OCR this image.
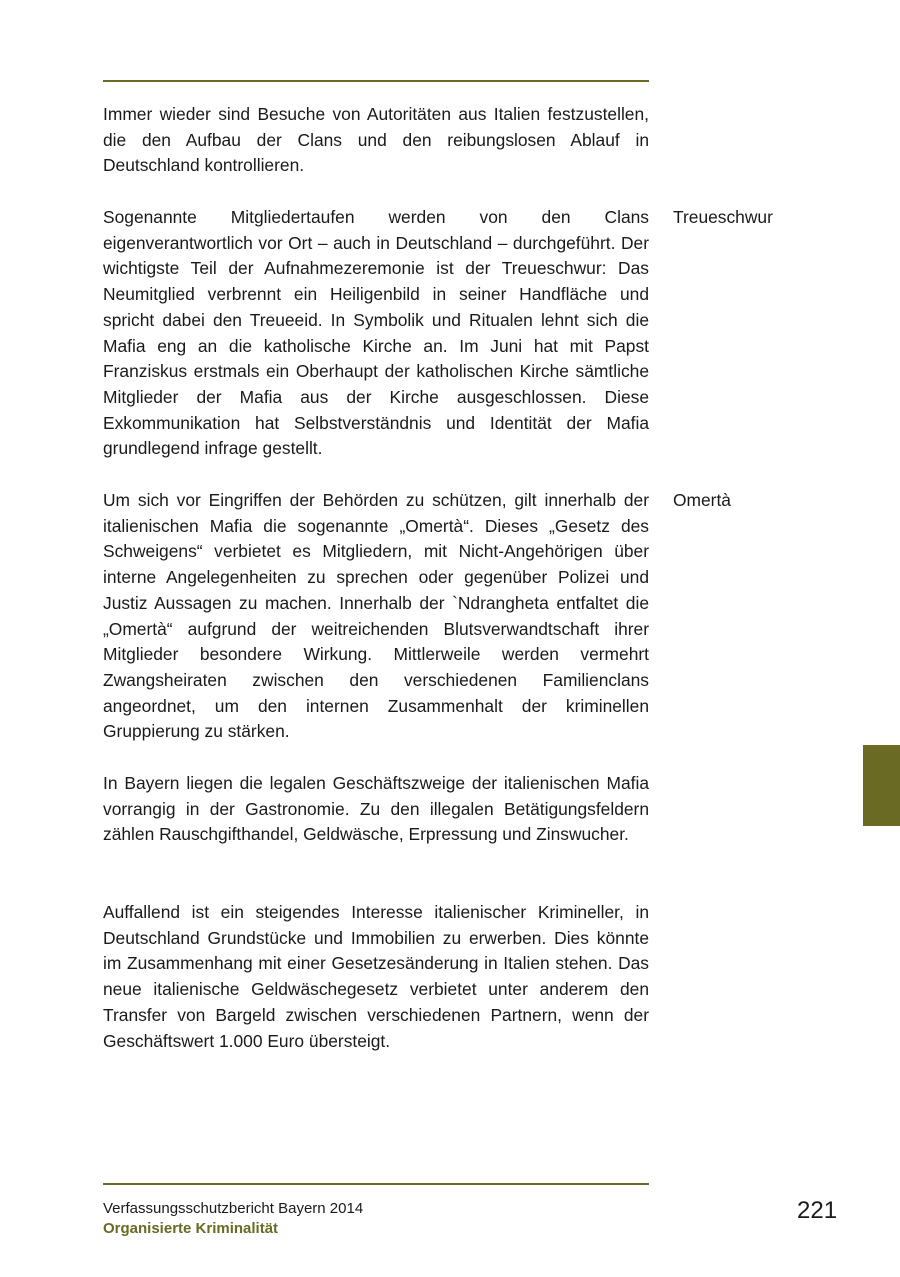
Immer wieder sind Besuche von Autoritäten aus Italien festzustellen, die den Aufbau der Clans und den reibungslosen Ablauf in Deutschland kontrollieren.

Sogenannte Mitgliedertaufen werden von den Clans eigenverantwortlich vor Ort – auch in Deutschland – durchgeführt. Der wichtigste Teil der Aufnahmezeremonie ist der Treueschwur: Das Neumitglied verbrennt ein Heiligenbild in seiner Handfläche und spricht dabei den Treueeid. In Symbolik und Ritualen lehnt sich die Mafia eng an die katholische Kirche an. Im Juni hat mit Papst Franziskus erstmals ein Oberhaupt der katholischen Kirche sämtliche Mitglieder der Mafia aus der Kirche ausgeschlossen. Diese Exkommunikation hat Selbstverständnis und Identität der Mafia grundlegend infrage gestellt.

Um sich vor Eingriffen der Behörden zu schützen, gilt innerhalb der italienischen Mafia die sogenannte „Omertà“. Dieses „Gesetz des Schweigens“ verbietet es Mitgliedern, mit Nicht-Angehörigen über interne Angelegenheiten zu sprechen oder gegenüber Polizei und Justiz Aussagen zu machen. Innerhalb der `Ndrangheta entfaltet die „Omertà“ aufgrund der weitreichenden Blutsverwandtschaft ihrer Mitglieder besondere Wirkung. Mittlerweile werden vermehrt Zwangsheiraten zwischen den verschiedenen Familienclans angeordnet, um den internen Zusammenhalt der kriminellen Gruppierung zu stärken.

In Bayern liegen die legalen Geschäftszweige der italienischen Mafia vorrangig in der Gastronomie. Zu den illegalen Betätigungsfeldern zählen Rauschgifthandel, Geldwäsche, Erpressung und Zinswucher.

Auffallend ist ein steigendes Interesse italienischer Krimineller, in Deutschland Grundstücke und Immobilien zu erwerben. Dies könnte im Zusammenhang mit einer Gesetzesänderung in Italien stehen. Das neue italienische Geldwäschegesetz verbietet unter anderem den Transfer von Bargeld zwischen verschiedenen Partnern, wenn der Geschäftswert 1.000 Euro übersteigt.

Treueschwur
Omertà
Verfassungsschutzbericht Bayern 2014
Organisierte Kriminalität
221
